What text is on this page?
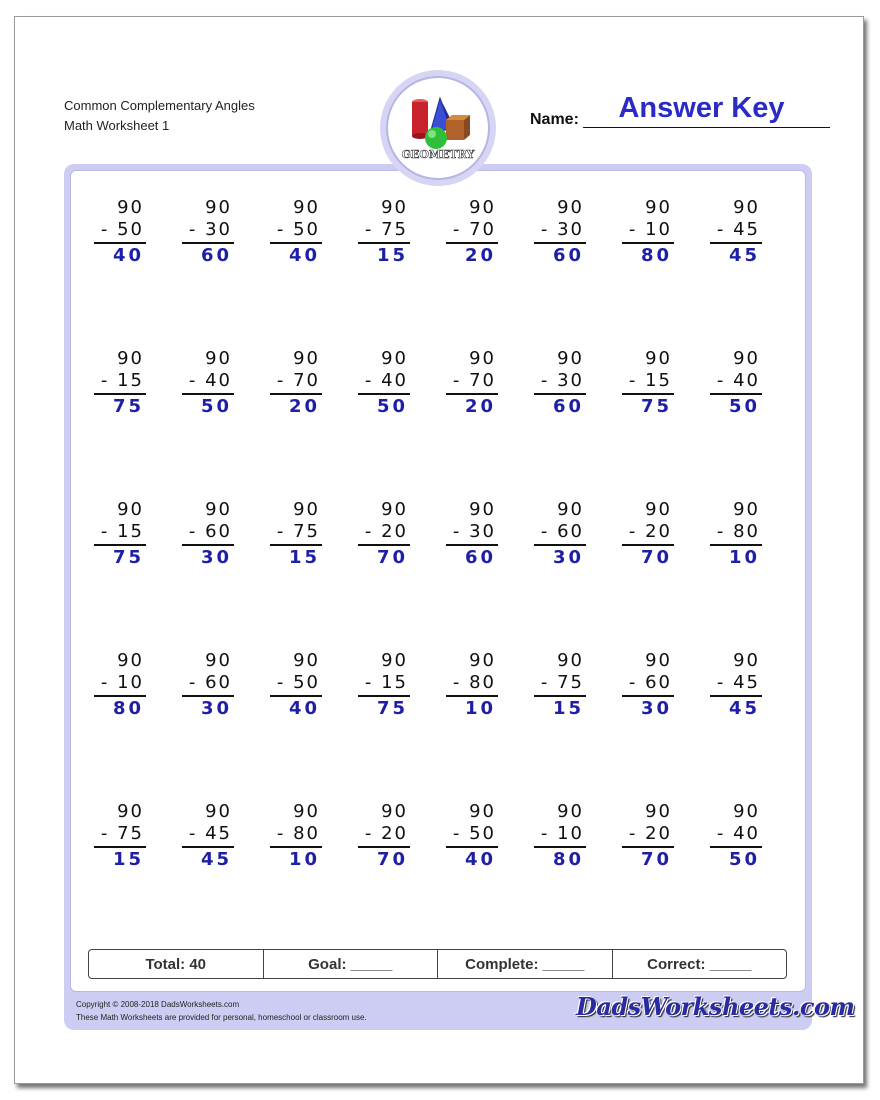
Common Complementary Angles
Math Worksheet 1	Name:	Answer Key
GEOMETRY
90
- 50
40
90
- 30
60
90
- 50
40
90
- 75
15
90
- 70
20
90
- 30
60
90
- 10
80
90
- 45
45
90
- 15
75
90
- 40
50
90
- 70
20
90
- 40
50
90
- 70
20
90
- 30
60
90
- 15
75
90
- 40
50
90
- 15
75
90
- 60
30
90
- 75
15
90
- 20
70
90
- 30
60
90
- 60
30
90
- 20
70
90
- 80
10
90
- 10
80
90
- 60
30
90
- 50
40
90
- 15
75
90
- 80
10
90
- 75
15
90
- 60
30
90
- 45
45
90
- 75
15
90
- 45
45
90
- 80
10
90
- 20
70
90
- 50
40
90
- 10
80
90
- 20
70
90
- 40
50
Total: 40	Goal: _____	Complete: _____	Correct: _____
Copyright © 2008-2018 DadsWorksheets.com
These Math Worksheets are provided for personal, homeschool or classroom use.	DadsWorksheets.com
